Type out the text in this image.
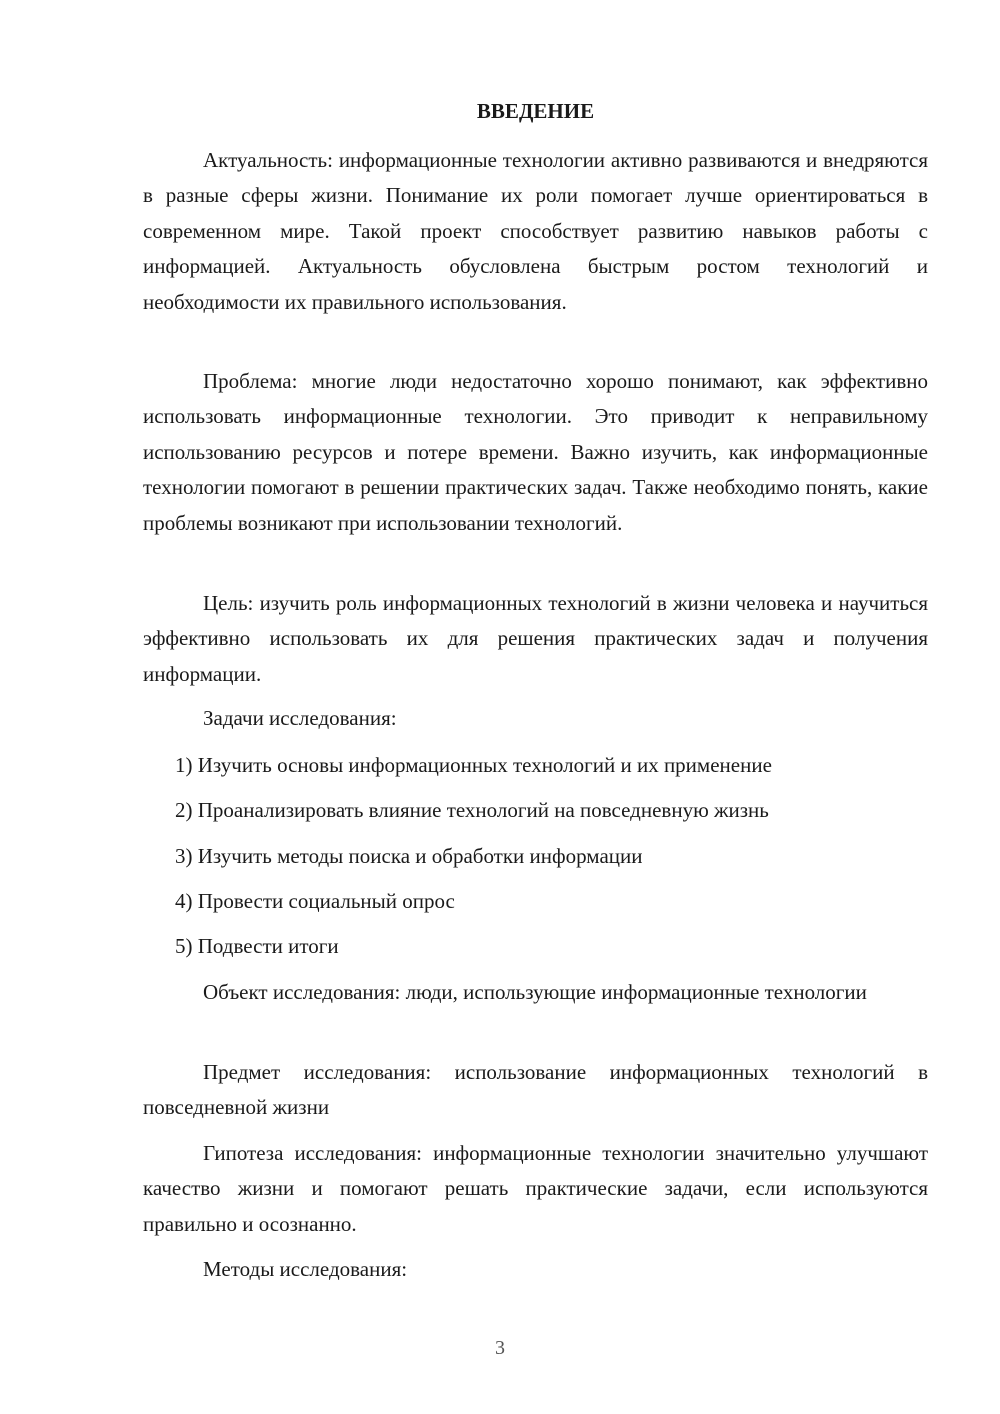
ВВЕДЕНИЕ

Актуальность: информационные технологии активно развиваются и внедряются в разные сферы жизни. Понимание их роли помогает лучше ориентироваться в современном мире. Такой проект способствует развитию навыков работы с информацией. Актуальность обусловлена быстрым ростом технологий и необходимости их правильного использования.

Проблема: многие люди недостаточно хорошо понимают, как эффективно использовать информационные технологии. Это приводит к неправильному использованию ресурсов и потере времени. Важно изучить, как информационные технологии помогают в решении практических задач. Также необходимо понять, какие проблемы возникают при использовании технологий.

Цель: изучить роль информационных технологий в жизни человека и научиться эффективно использовать их для решения практических задач и получения информации.

Задачи исследования:

1) Изучить основы информационных технологий и их применение
2) Проанализировать влияние технологий на повседневную жизнь
3) Изучить методы поиска и обработки информации
4) Провести социальный опрос
5) Подвести итоги

Объект исследования: люди, использующие информационные технологии

Предмет исследования: использование информационных технологий в повседневной жизни

Гипотеза исследования: информационные технологии значительно улучшают качество жизни и помогают решать практические задачи, если используются правильно и осознанно.

Методы исследования:

3
